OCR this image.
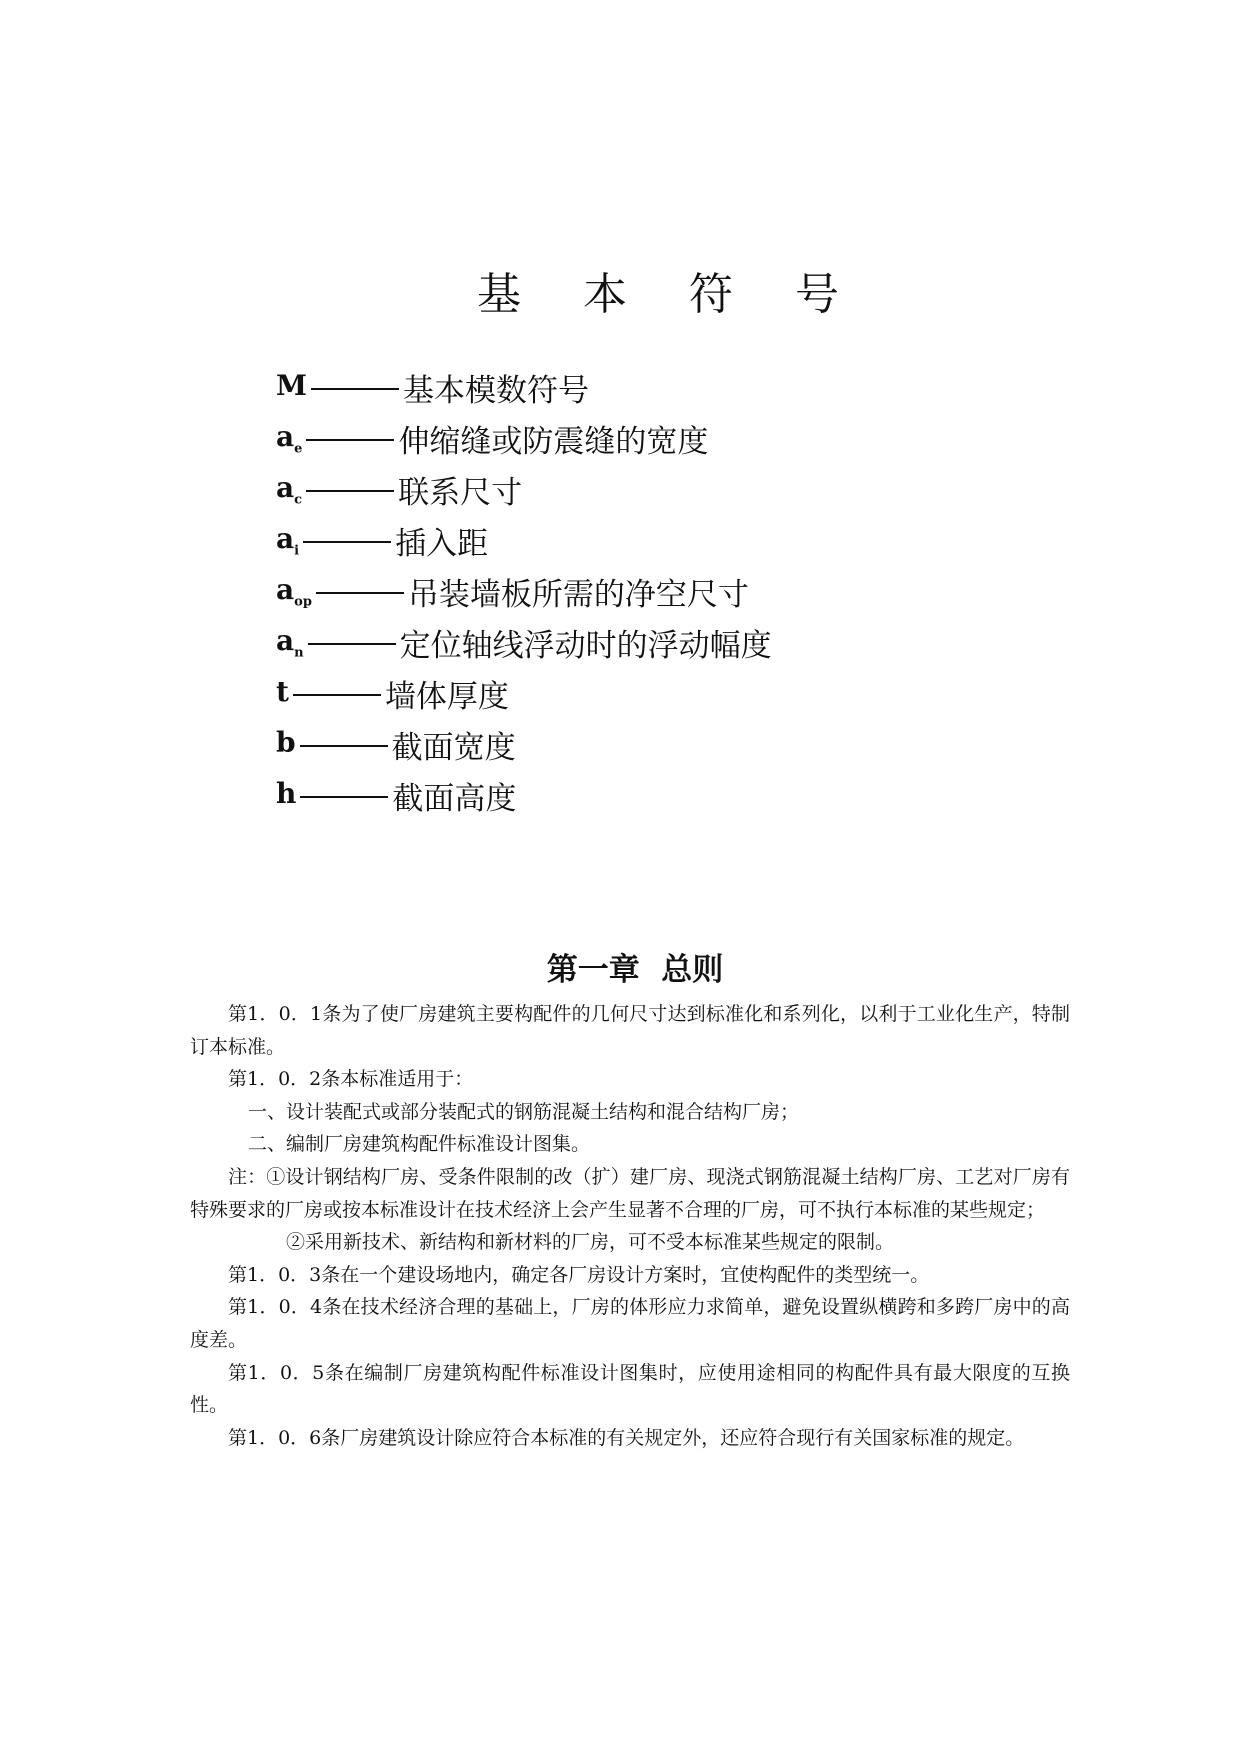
基 本 符 号
M	基本模数符号
$a_e$	伸缩缝或防震缝的宽度
$a_c$	联系尺寸
$a_i$	插入距
$a_{op}$	吊装墙板所需的净空尺寸
$a_n$	定位轴线浮动时的浮动幅度
t	墙体厚度
b	截面宽度
h	截面高度
第一章  总则

第1．0．1条为了使厂房建筑主要构配件的几何尺寸达到标准化和系列化，以利于工业化生产，特制订本标准。

第1．0．2条本标准适用于：

一、设计装配式或部分装配式的钢筋混凝土结构和混合结构厂房；

二、编制厂房建筑构配件标准设计图集。

注：①设计钢结构厂房、受条件限制的改（扩）建厂房、现浇式钢筋混凝土结构厂房、工艺对厂房有特殊要求的厂房或按本标准设计在技术经济上会产生显著不合理的厂房，可不执行本标准的某些规定；

②采用新技术、新结构和新材料的厂房，可不受本标准某些规定的限制。

第1．0．3条在一个建设场地内，确定各厂房设计方案时，宜使构配件的类型统一。

第1．0．4条在技术经济合理的基础上，厂房的体形应力求简单，避免设置纵横跨和多跨厂房中的高度差。

第1．0．5条在编制厂房建筑构配件标准设计图集时，应使用途相同的构配件具有最大限度的互换性。

第1．0．6条厂房建筑设计除应符合本标准的有关规定外，还应符合现行有关国家标准的规定。
